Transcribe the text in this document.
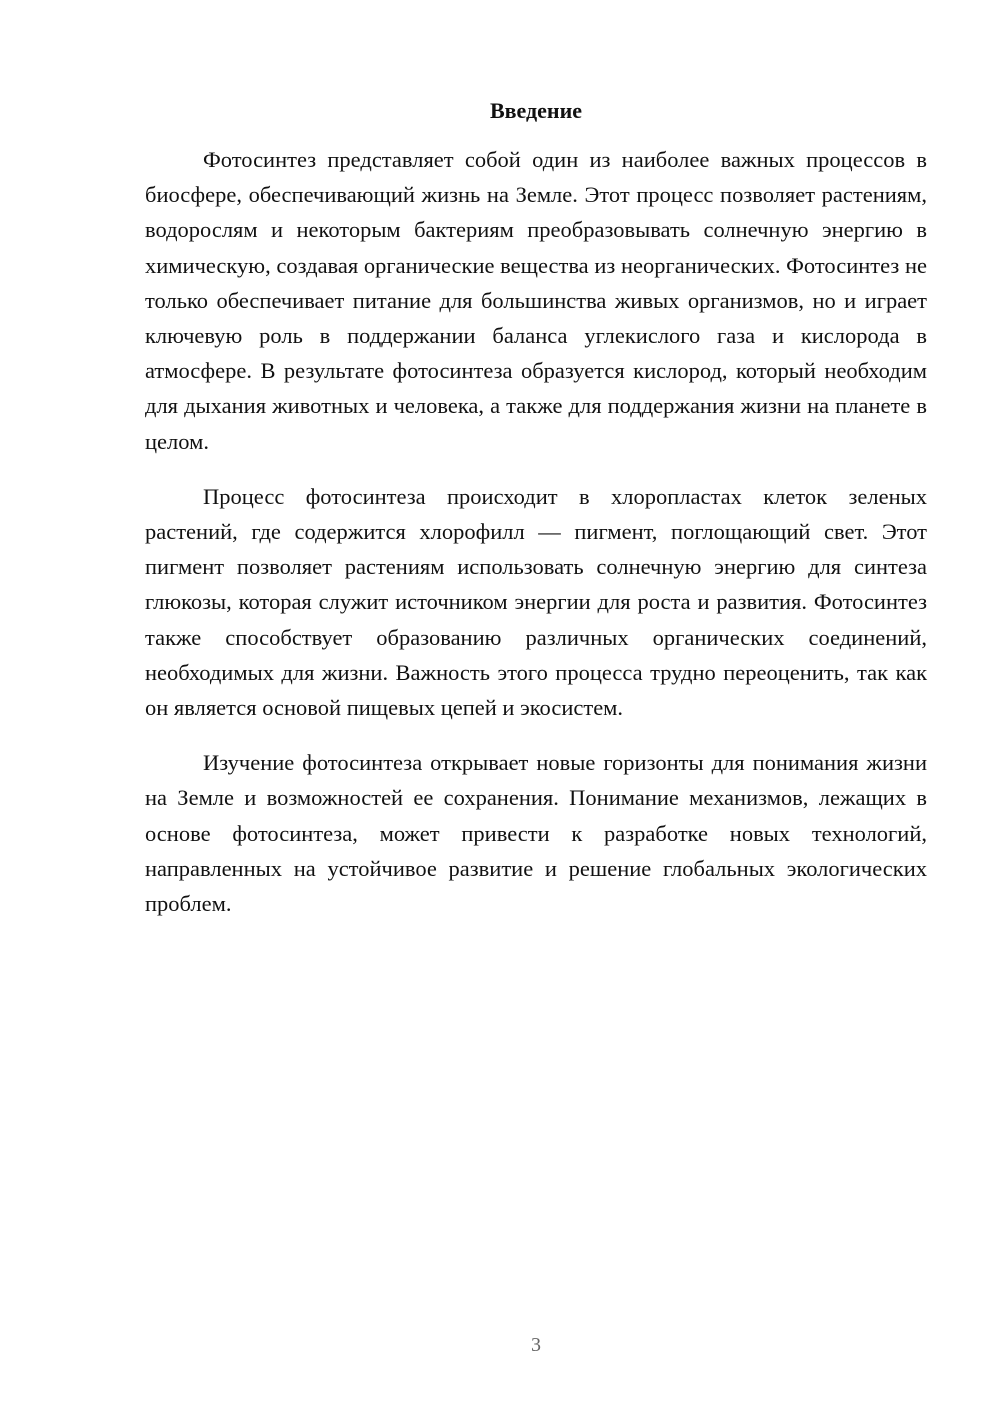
Введение

Фотосинтез представляет собой один из наиболее важных процессов в биосфере, обеспечивающий жизнь на Земле. Этот процесс позволяет растениям, водорослям и некоторым бактериям преобразовывать солнечную энергию в химическую, создавая органические вещества из неорганических. Фотосинтез не только обеспечивает питание для большинства живых организмов, но и играет ключевую роль в поддержании баланса углекислого газа и кислорода в атмосфере. В результате фотосинтеза образуется кислород, который необходим для дыхания животных и человека, а также для поддержания жизни на планете в целом.

Процесс фотосинтеза происходит в хлоропластах клеток зеленых растений, где содержится хлорофилл — пигмент, поглощающий свет. Этот пигмент позволяет растениям использовать солнечную энергию для синтеза глюкозы, которая служит источником энергии для роста и развития. Фотосинтез также способствует образованию различных органических соединений, необходимых для жизни. Важность этого процесса трудно переоценить, так как он является основой пищевых цепей и экосистем.

Изучение фотосинтеза открывает новые горизонты для понимания жизни на Земле и возможностей ее сохранения. Понимание механизмов, лежащих в основе фотосинтеза, может привести к разработке новых технологий, направленных на устойчивое развитие и решение глобальных экологических проблем.

3
